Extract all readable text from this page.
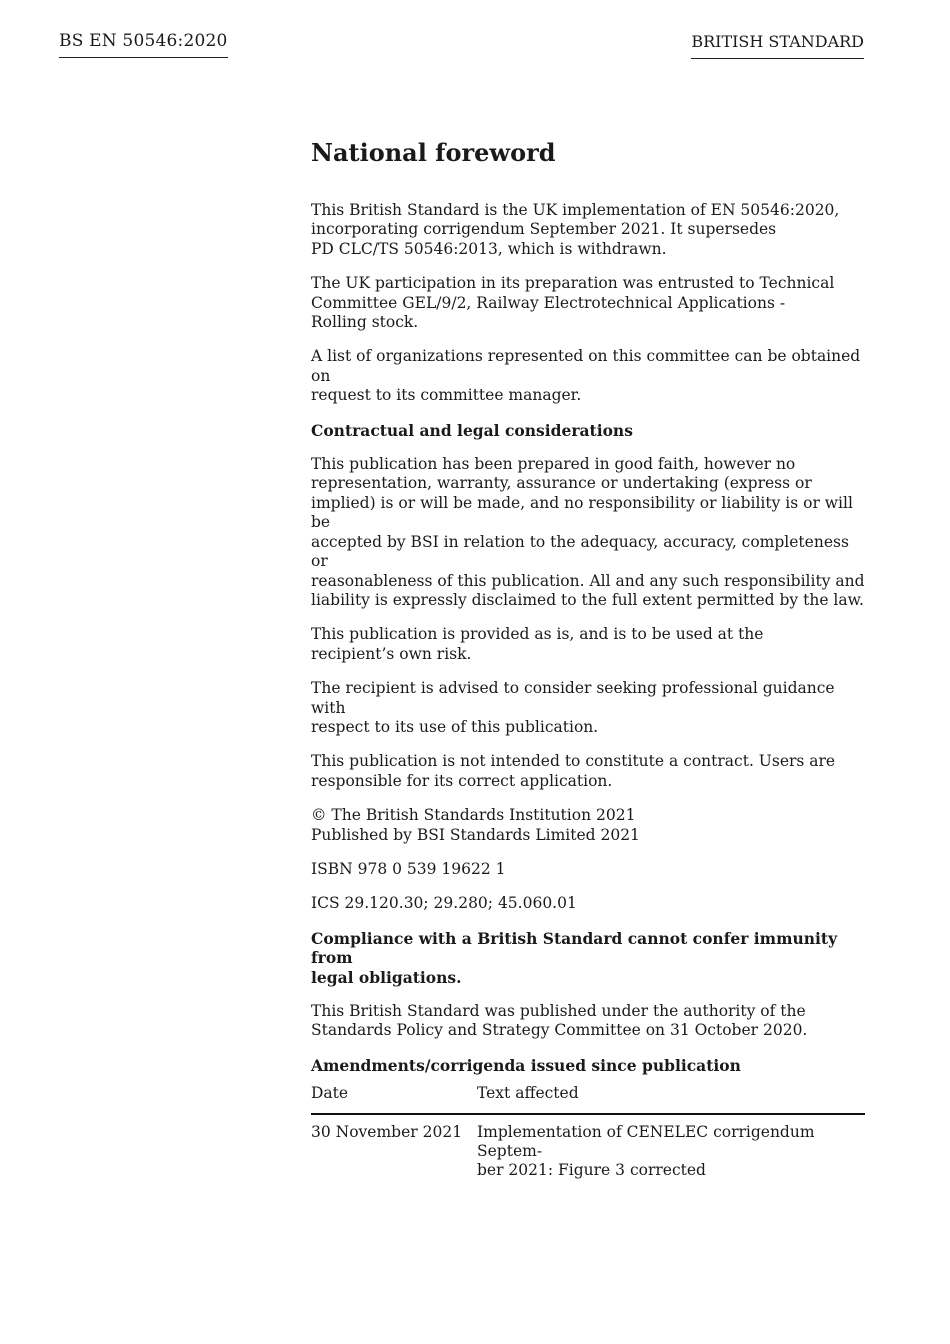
BS EN 50546:2020	BRITISH STANDARD
National foreword

This British Standard is the UK implementation of EN 50546:2020,
incorporating corrigendum September 2021. It supersedes
PD CLC/TS 50546:2013, which is withdrawn.

The UK participation in its preparation was entrusted to Technical
Committee GEL/9/2, Railway Electrotechnical Applications -
Rolling stock.

A list of organizations represented on this committee can be obtained on
request to its committee manager.

Contractual and legal considerations

This publication has been prepared in good faith, however no
representation, warranty, assurance or undertaking (express or
implied) is or will be made, and no responsibility or liability is or will be
accepted by BSI in relation to the adequacy, accuracy, completeness or
reasonableness of this publication. All and any such responsibility and
liability is expressly disclaimed to the full extent permitted by the law.

This publication is provided as is, and is to be used at the
recipient’s own risk.

The recipient is advised to consider seeking professional guidance with
respect to its use of this publication.

This publication is not intended to constitute a contract. Users are
responsible for its correct application.

© The British Standards Institution 2021
Published by BSI Standards Limited 2021

ISBN 978 0 539 19622 1

ICS 29.120.30; 29.280; 45.060.01

Compliance with a British Standard cannot confer immunity from
legal obligations.

This British Standard was published under the authority of the
Standards Policy and Strategy Committee on 31 October 2020.

Amendments/corrigenda issued since publication

Date	Text affected
30 November 2021	Implementation of CENELEC corrigendum Septem-
ber 2021: Figure 3 corrected
